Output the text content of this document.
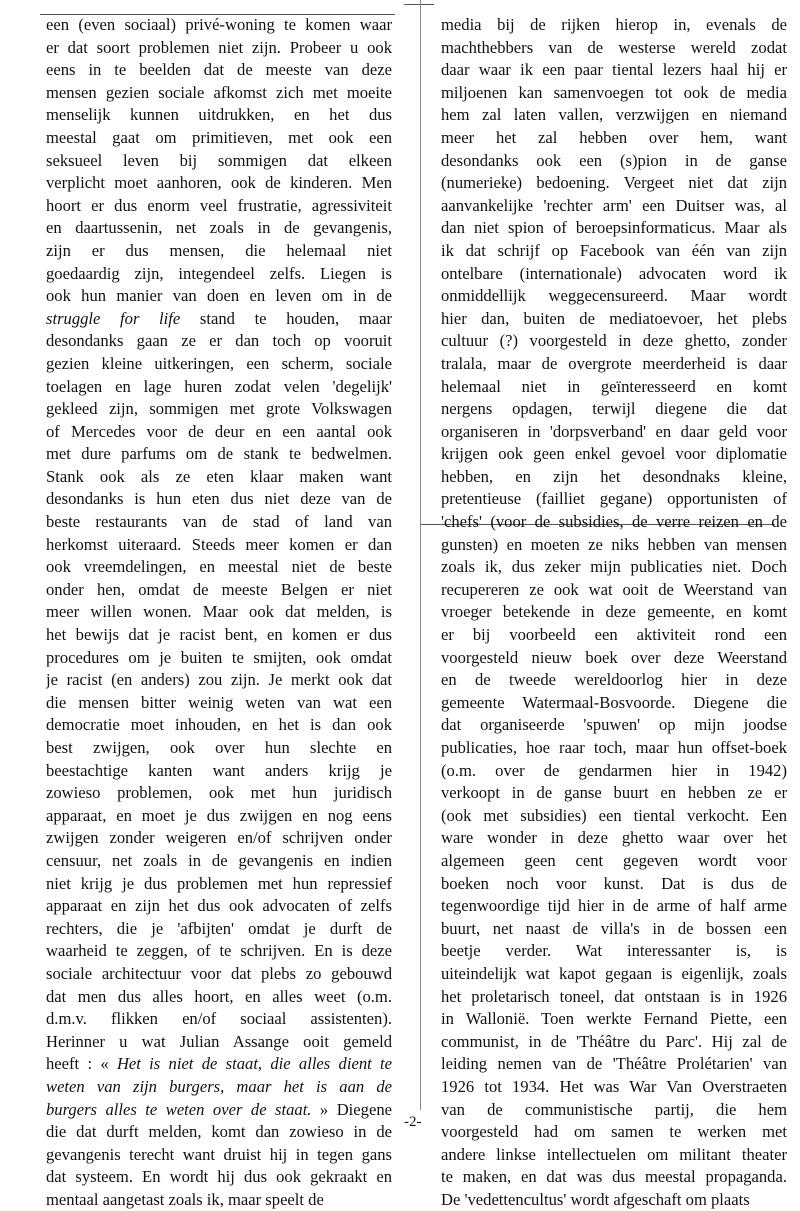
een (even sociaal) privé-woning te komen waar
er dat soort problemen niet zijn. Probeer u ook
eens in te beelden dat de meeste van deze
mensen gezien sociale afkomst zich met moeite
menselijk kunnen uitdrukken, en het dus
meestal gaat om primitieven, met ook een
seksueel leven bij sommigen dat elkeen
verplicht moet aanhoren, ook de kinderen. Men
hoort er dus enorm veel frustratie, agressiviteit
en daartussenin, net zoals in de gevangenis,
zijn er dus mensen, die helemaal niet
goedaardig zijn, integendeel zelfs. Liegen is
ook hun manier van doen en leven om in de
struggle for life stand te houden, maar
desondanks gaan ze er dan toch op vooruit
gezien kleine uitkeringen, een scherm, sociale
toelagen en lage huren zodat velen 'degelijk'
gekleed zijn, sommigen met grote Volkswagen
of Mercedes voor de deur en een aantal ook
met dure parfums om de stank te bedwelmen.
Stank ook als ze eten klaar maken want
desondanks is hun eten dus niet deze van de
beste restaurants van de stad of land van
herkomst uiteraard. Steeds meer komen er dan
ook vreemdelingen, en meestal niet de beste
onder hen, omdat de meeste Belgen er niet
meer willen wonen. Maar ook dat melden, is
het bewijs dat je racist bent, en komen er dus
procedures om je buiten te smijten, ook omdat
je racist (en anders) zou zijn. Je merkt ook dat
die mensen bitter weinig weten van wat een
democratie moet inhouden, en het is dan ook
best zwijgen, ook over hun slechte en
beestachtige kanten want anders krijg je
zowieso problemen, ook met hun juridisch
apparaat, en moet je dus zwijgen en nog eens
zwijgen zonder weigeren en/of schrijven onder
censuur, net zoals in de gevangenis en indien
niet krijg je dus problemen met hun repressief
apparaat en zijn het dus ook advocaten of zelfs
rechters, die je 'afbijten' omdat je durft de
waarheid te zeggen, of te schrijven. En is deze
sociale architectuur voor dat plebs zo gebouwd
dat men dus alles hoort, en alles weet (o.m.
d.m.v. flikken en/of sociaal assistenten).
Herinner u wat Julian Assange ooit gemeld
heeft : « Het is niet de staat, die alles dient te
weten van zijn burgers, maar het is aan de
burgers alles te weten over de staat. » Diegene
die dat durft melden, komt dan zowieso in de
gevangenis terecht want druist hij in tegen gans
dat systeem. En wordt hij dus ook gekraakt en
mentaal aangetast zoals ik, maar speelt de
media bij de rijken hierop in, evenals de
machthebbers van de westerse wereld zodat
daar waar ik een paar tiental lezers haal hij er
miljoenen kan samenvoegen tot ook de media
hem zal laten vallen, verzwijgen en niemand
meer het zal hebben over hem, want
desondanks ook een (s)pion in de ganse
(numerieke) bedoening. Vergeet niet dat zijn
aanvankelijke 'rechter arm' een Duitser was, al
dan niet spion of beroepsinformaticus. Maar als
ik dat schrijf op Facebook van één van zijn
ontelbare (internationale) advocaten word ik
onmiddellijk weggecensureerd. Maar wordt
hier dan, buiten de mediatoevoer, het plebs
cultuur (?) voorgesteld in deze ghetto, zonder
tralala, maar de overgrote meerderheid is daar
helemaal niet in geïnteresseerd en komt
nergens opdagen, terwijl diegene die dat
organiseren in 'dorpsverband' en daar geld voor
krijgen ook geen enkel gevoel voor diplomatie
hebben, en zijn het desondnaks kleine,
pretentieuse (failliet gegane) opportunisten of
'chefs' (voor de subsidies, de verre reizen en de
gunsten) en moeten ze niks hebben van mensen
zoals ik, dus zeker mijn publicaties niet. Doch
recupereren ze ook wat ooit de Weerstand van
vroeger betekende in deze gemeente, en komt
er bij voorbeeld een aktiviteit rond een
voorgesteld nieuw boek over deze Weerstand
en de tweede wereldoorlog hier in deze
gemeente Watermaal-Bosvoorde. Diegene die
dat organiseerde 'spuwen' op mijn joodse
publicaties, hoe raar toch, maar hun offset-boek
(o.m. over de gendarmen hier in 1942)
verkoopt in de ganse buurt en hebben ze er
(ook met subsidies) een tiental verkocht. Een
ware wonder in deze ghetto waar over het
algemeen geen cent gegeven wordt voor
boeken noch voor kunst. Dat is dus de
tegenwoordige tijd hier in de arme of half arme
buurt, net naast de villa's in de bossen een
beetje verder. Wat interessanter is, is
uiteindelijk wat kapot gegaan is eigenlijk, zoals
het proletarisch toneel, dat ontstaan is in 1926
in Wallonië. Toen werkte Fernand Piette, een
communist, in de 'Théâtre du Parc'. Hij zal de
leiding nemen van de 'Théâtre Prolétarien' van
1926 tot 1934. Het was War Van Overstraeten
van de communistische partij, die hem
voorgesteld had om samen te werken met
andere linkse intellectuelen om militant theater
te maken, en dat was dus meestal propaganda.
De 'vedettencultus' wordt afgeschaft om plaats
-2-
